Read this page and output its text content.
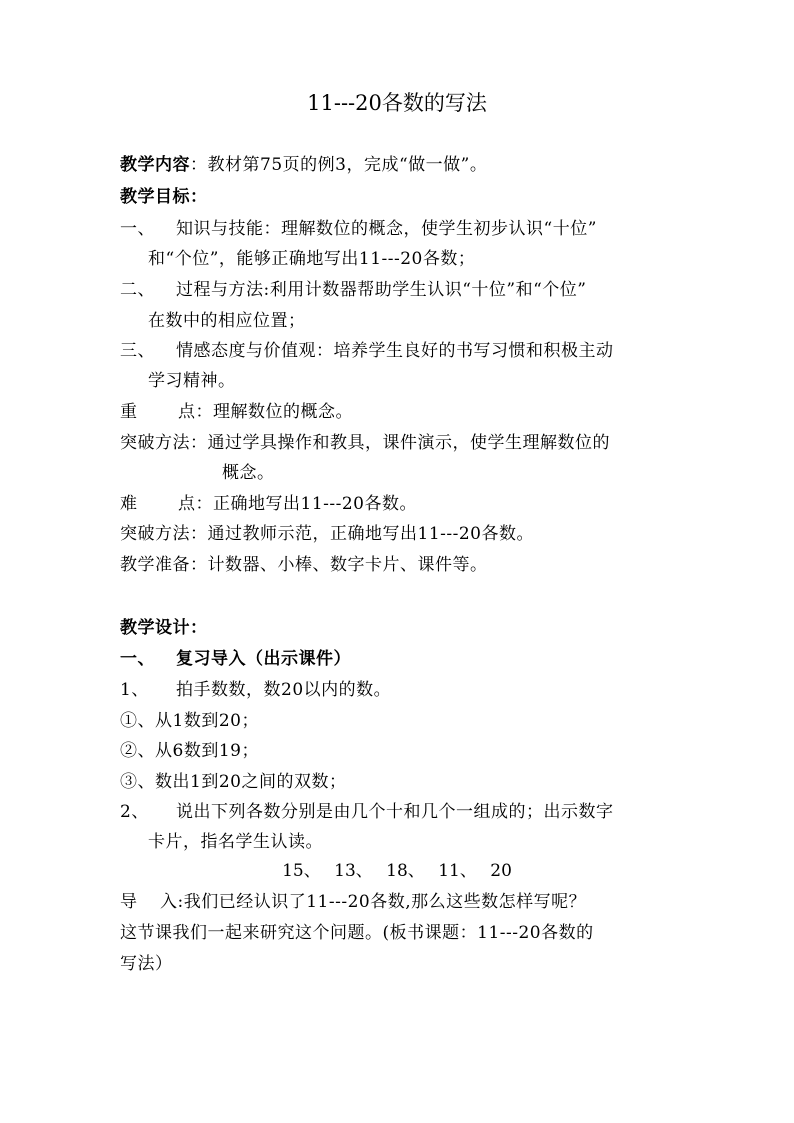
11---20各数的写法
教学内容：教材第75页的例3，完成“做一做”。
教学目标：
一、 知识与技能：理解数位的概念，使学生初步认识“十位”
和“个位”，能够正确地写出11---20各数；
二、 过程与方法:利用计数器帮助学生认识“十位”和“个位”
在数中的相应位置；
三、 情感态度与价值观：培养学生良好的书写习惯和积极主动
学习精神。
重 点：理解数位的概念。
突破方法：通过学具操作和教具，课件演示，使学生理解数位的
概念。
难 点：正确地写出11---20各数。
突破方法：通过教师示范，正确地写出11---20各数。
教学准备：计数器、小棒、数字卡片、课件等。
教学设计：
一、 复习导入（出示课件）
1、 拍手数数，数20以内的数。
①、从1数到20；
②、从6数到19；
③、数出1到20之间的双数；
2、 说出下列各数分别是由几个十和几个一组成的；出示数字
卡片，指名学生认读。
15、 13、 18、 11、 20
导 入:我们已经认识了11---20各数,那么这些数怎样写呢？
这节课我们一起来研究这个问题。(板书课题：11---20各数的
写法）
